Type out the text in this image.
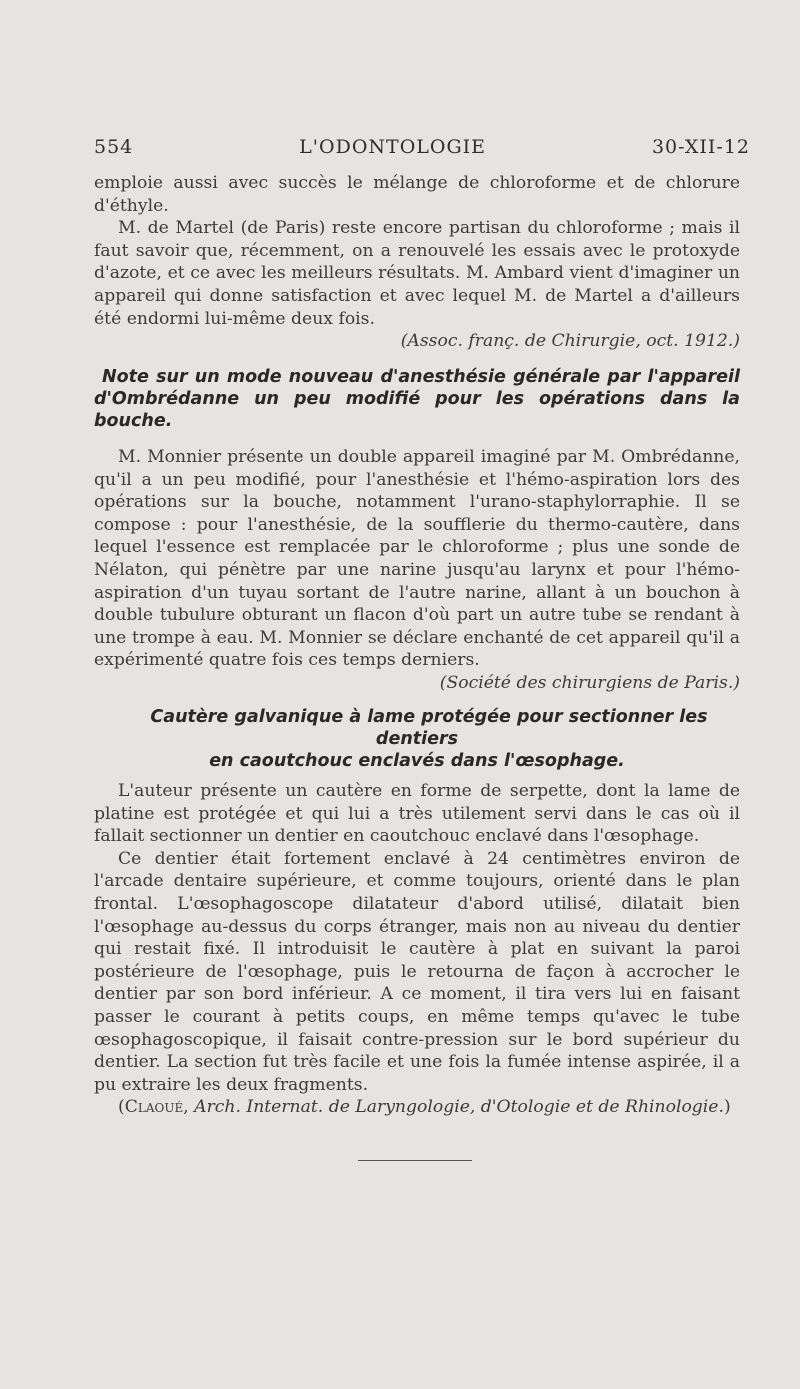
554	L'ODONTOLOGIE	30-XII-12

emploie aussi avec succès le mélange de chloroforme et de chlorure d'éthyle.

M. de Martel (de Paris) reste encore partisan du chloroforme ; mais il faut savoir que, récemment, on a renouvelé les essais avec le protoxyde d'azote, et ce avec les meilleurs résultats. M. Ambard vient d'imaginer un appareil qui donne satisfaction et avec lequel M. de Martel a d'ailleurs été endormi lui-même deux fois.

(Assoc. franç. de Chirurgie, oct. 1912.)

Note sur un mode nouveau d'anesthésie générale par l'appareil d'Ombrédanne un peu modifié pour les opérations dans la bouche.

M. Monnier présente un double appareil imaginé par M. Ombrédanne, qu'il a un peu modifié, pour l'anesthésie et l'hémo-aspiration lors des opérations sur la bouche, notamment l'urano-staphylorraphie. Il se compose : pour l'anesthésie, de la soufflerie du thermo-cautère, dans lequel l'essence est remplacée par le chloroforme ; plus une sonde de Nélaton, qui pénètre par une narine jusqu'au larynx et pour l'hémo-aspiration d'un tuyau sortant de l'autre narine, allant à un bouchon à double tubulure obturant un flacon d'où part un autre tube se rendant à une trompe à eau. M. Monnier se déclare enchanté de cet appareil qu'il a expérimenté quatre fois ces temps derniers.

(Société des chirurgiens de Paris.)

Cautère galvanique à lame protégée pour sectionner les dentiers
en caoutchouc enclavés dans l'œsophage.

L'auteur présente un cautère en forme de serpette, dont la lame de platine est protégée et qui lui a très utilement servi dans le cas où il fallait sectionner un dentier en caoutchouc enclavé dans l'œsophage.

Ce dentier était fortement enclavé à 24 centimètres environ de l'arcade dentaire supérieure, et comme toujours, orienté dans le plan frontal. L'œsophagoscope dilatateur d'abord utilisé, dilatait bien l'œsophage au-dessus du corps étranger, mais non au niveau du dentier qui restait fixé. Il introduisit le cautère à plat en suivant la paroi postérieure de l'œsophage, puis le retourna de façon à accrocher le dentier par son bord inférieur. A ce moment, il tira vers lui en faisant passer le courant à petits coups, en même temps qu'avec le tube œsophagoscopique, il faisait contre-pression sur le bord supérieur du dentier. La section fut très facile et une fois la fumée intense aspirée, il a pu extraire les deux fragments.

(Claoué, Arch. Internat. de Laryngologie, d'Otologie et de Rhinologie.)
